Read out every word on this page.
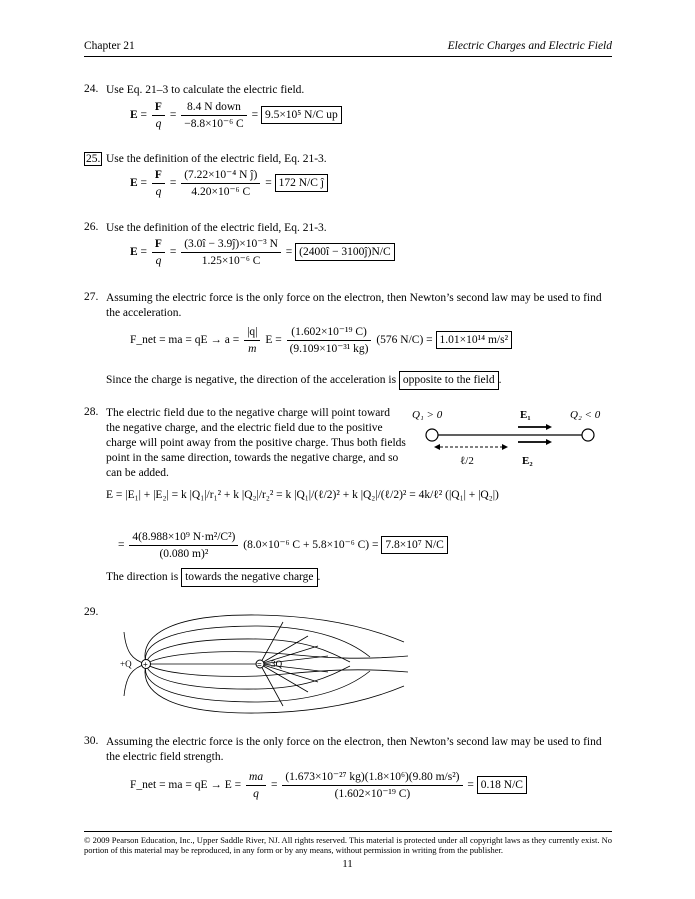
Chapter 21	Electric Charges and Electric Field
24. Use Eq. 21–3 to calculate the electric field.
$E = \frac{F}{q} = \frac{\text{8.4 N down}}{\text{−8.8×10⁻⁶ C}} = 9.5\times 10^5$ N/C up
25. Use the definition of the electric field, Eq. 21-3.
$E = \frac{F}{q} = \frac{\text{(7.22×10⁻⁴ N ĵ)}}{\text{4.20×10⁻⁶ C}} = 172$ N/C ĵ
26. Use the definition of the electric field, Eq. 21-3.
$E = \frac{F}{q} = \frac{\text{(3.0î − 3.9ĵ)×10⁻³ N}}{\text{1.25×10⁻⁶ C}}$ = (2400î − 3100ĵ)N/C
27. Assuming the electric force is the only force on the electron, then Newton’s second law may be used to find the acceleration.
F_net = ma = qE → $a = \frac{|q|}{m}$ $E = \frac{\text{(1.602×10⁻¹⁹ C)}}{\text{(9.109×10⁻³¹ kg)}} (576$ N/C) = 1.01×10¹⁴ m/s²
Since the charge is negative, the direction of the acceleration is opposite to the field .
28. The electric field due to the negative charge will point toward the negative charge, and the electric field due to the positive charge will point away from the positive charge. Thus both fields point in the same direction, towards the negative charge, and so can be added.
Q₁ > 0	Q₂ < 0
E₁
ℓ/2	E₂
E = |E₁| + |E₂| = k |Q₁|/r₁² + k |Q₂|/r₂² = k |Q₁|/(ℓ/2)² + k |Q₂|/(ℓ/2)² = 4k/ℓ² (|Q₁| + |Q₂|)
= $\frac{\text{4(8.988×10⁹ N·m²/C²)}}{\text{(0.080 m)²}} (8.0\times 10^{-6}$ C + 5.8×10⁻⁶ C) = 7.8×10⁷ N/C
The direction is towards the negative charge .
29.
+	=
+Q	−3Q
30. Assuming the electric force is the only force on the electron, then Newton’s second law may be used to find the electric field strength.
F_net = ma = qE → $E = \frac{ma}{q} = \frac{\text{(1.673×10⁻²⁷ kg)(1.8×10⁶)(9.80 m/s²)}}{\text{(1.602×10⁻¹⁹ C)}} = 0.18$ N/C
© 2009 Pearson Education, Inc., Upper Saddle River, NJ. All rights reserved. This material is protected under all copyright laws as they currently exist. No portion of this material may be reproduced, in any form or by any means, without permission in writing from the publisher.
11
